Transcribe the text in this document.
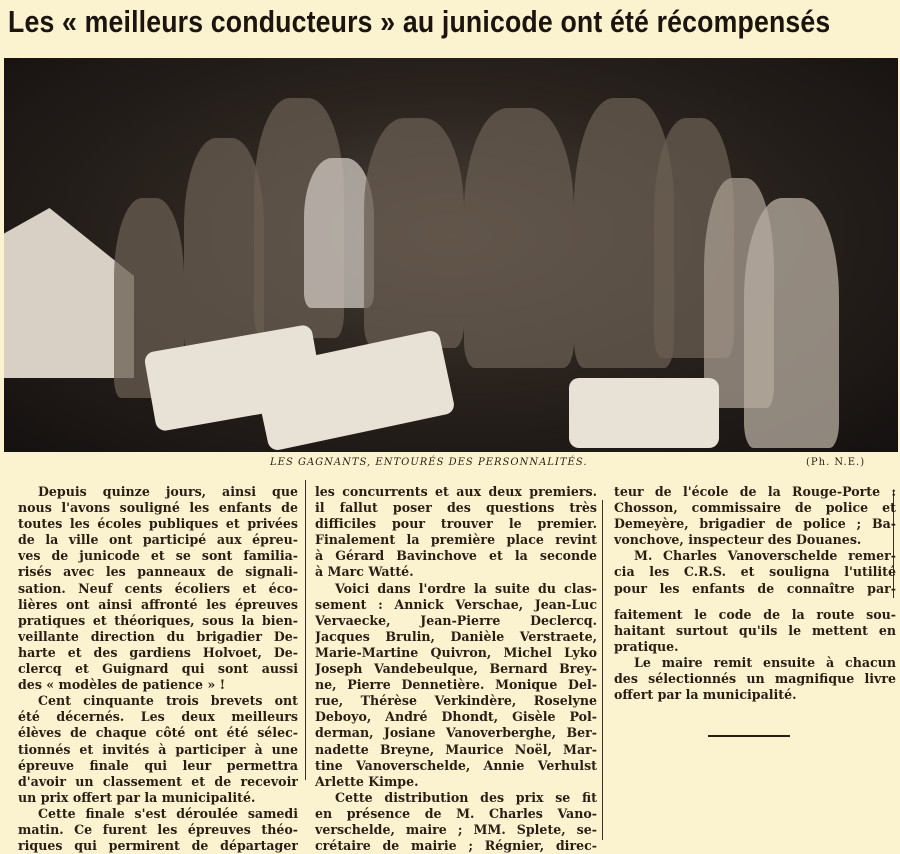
Les « meilleurs conducteurs » au junicode ont été récompensés
LES GAGNANTS, ENTOURÉS DES PERSONNALITÉS.	(Ph. N.E.)
Depuis quinze jours, ainsi que
nous l'avons souligné les enfants de
toutes les écoles publiques et privées
de la ville ont participé aux épreu-
ves de junicode et se sont familia-
risés avec les panneaux de signali-
sation. Neuf cents écoliers et éco-
lières ont ainsi affronté les épreuves
pratiques et théoriques, sous la bien-
veillante direction du brigadier De-
harte et des gardiens Holvoet, De-
clercq et Guignard qui sont aussi
des « modèles de patience » !
Cent cinquante trois brevets ont
été décernés. Les deux meilleurs
élèves de chaque côté ont été sélec-
tionnés et invités à participer à une
épreuve finale qui leur permettra
d'avoir un classement et de recevoir
un prix offert par la municipalité.
Cette finale s'est déroulée samedi
matin. Ce furent les épreuves théo-
riques qui permirent de départager
les concurrents et aux deux premiers.
il fallut poser des questions très
difficiles pour trouver le premier.
Finalement la première place revint
à Gérard Bavinchove et la seconde
à Marc Watté.
Voici dans l'ordre la suite du clas-
sement : Annick Verschae, Jean-Luc
Vervaecke, Jean-Pierre Declercq.
Jacques Brulin, Danièle Verstraete,
Marie-Martine Quivron, Michel Lyko
Joseph Vandebeulque, Bernard Brey-
ne, Pierre Dennetière. Monique Del-
rue, Thérèse Verkindère, Roselyne
Deboyo, André Dhondt, Gisèle Pol-
derman, Josiane Vanoverberghe, Ber-
nadette Breyne, Maurice Noël, Mar-
tine Vanoverschelde, Annie Verhulst
Arlette Kimpe.
Cette distribution des prix se fit
en présence de M. Charles Vano-
verschelde, maire ; MM. Splete, se-
crétaire de mairie ; Régnier, direc-
teur de l'école de la Rouge-Porte :
Chosson, commissaire de police et
Demeyère, brigadier de police ; Ba-
vonchove, inspecteur des Douanes.
M. Charles Vanoverschelde remer-
cia les C.R.S. et souligna l'utilité
pour les enfants de connaître par-
faitement le code de la route sou-
haitant surtout qu'ils le mettent en
pratique.
Le maire remit ensuite à chacun
des sélectionnés un magnifique livre
offert par la municipalité.
